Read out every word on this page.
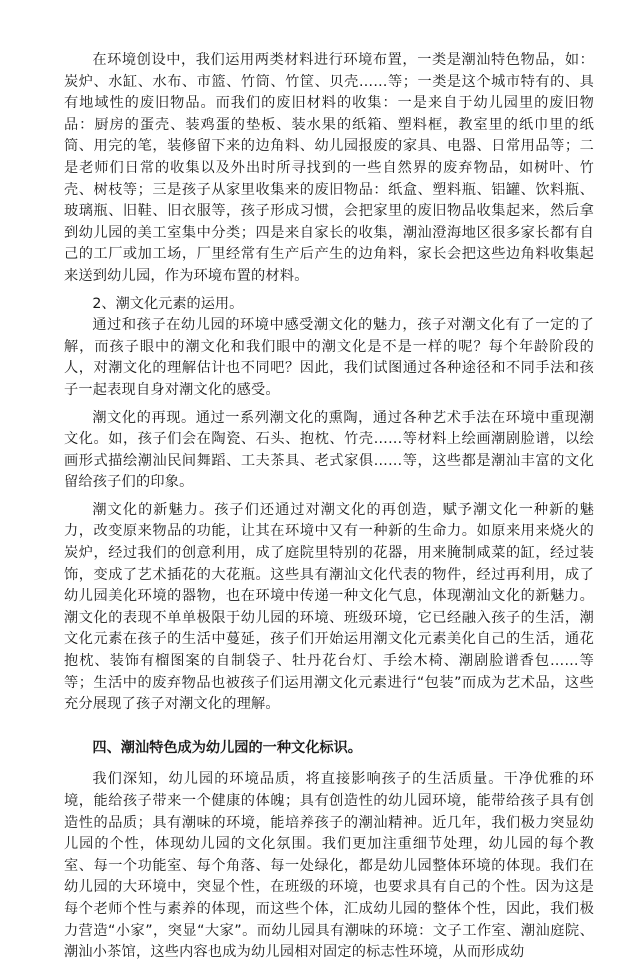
在环境创设中，我们运用两类材料进行环境布置，一类是潮汕特色物品，如：炭炉、水缸、水布、市篮、竹筒、竹筐、贝壳……等；一类是这个城市特有的、具有地域性的废旧物品。而我们的废旧材料的收集：一是来自于幼儿园里的废旧物品：厨房的蛋壳、装鸡蛋的垫板、装水果的纸箱、塑料框，教室里的纸巾里的纸筒、用完的笔，装修留下来的边角料、幼儿园报废的家具、电器、日常用品等；二是老师们日常的收集以及外出时所寻找到的一些自然界的废弃物品，如树叶、竹壳、树枝等；三是孩子从家里收集来的废旧物品：纸盒、塑料瓶、铝罐、饮料瓶、玻璃瓶、旧鞋、旧衣服等，孩子形成习惯，会把家里的废旧物品收集起来，然后拿到幼儿园的美工室集中分类；四是来自家长的收集，潮汕澄海地区很多家长都有自己的工厂或加工场，厂里经常有生产后产生的边角料，家长会把这些边角料收集起来送到幼儿园，作为环境布置的材料。

2、潮文化元素的运用。

通过和孩子在幼儿园的环境中感受潮文化的魅力，孩子对潮文化有了一定的了解，而孩子眼中的潮文化和我们眼中的潮文化是不是一样的呢？每个年龄阶段的人，对潮文化的理解估计也不同吧？因此，我们试图通过各种途径和不同手法和孩子一起表现自身对潮文化的感受。

潮文化的再现。通过一系列潮文化的熏陶，通过各种艺术手法在环境中重现潮文化。如，孩子们会在陶瓷、石头、抱枕、竹壳……等材料上绘画潮剧脸谱，以绘画形式描绘潮汕民间舞蹈、工夫茶具、老式家俱……等，这些都是潮汕丰富的文化留给孩子们的印象。

潮文化的新魅力。孩子们还通过对潮文化的再创造，赋予潮文化一种新的魅力，改变原来物品的功能，让其在环境中又有一种新的生命力。如原来用来烧火的炭炉，经过我们的创意利用，成了庭院里特别的花器，用来腌制咸菜的缸，经过装饰，变成了艺术插花的大花瓶。这些具有潮汕文化代表的物件，经过再利用，成了幼儿园美化环境的器物，也在环境中传递一种文化气息，体现潮汕文化的新魅力。潮文化的表现不单单极限于幼儿园的环境、班级环境，它已经融入孩子的生活，潮文化元素在孩子的生活中蔓延，孩子们开始运用潮文化元素美化自己的生活，通花抱枕、装饰有榴图案的自制袋子、牡丹花台灯、手绘木椅、潮剧脸谱香包……等等；生活中的废弃物品也被孩子们运用潮文化元素进行“包装”而成为艺术品，这些充分展现了孩子对潮文化的理解。

四、潮汕特色成为幼儿园的一种文化标识。

我们深知，幼儿园的环境品质，将直接影响孩子的生活质量。干净优雅的环境，能给孩子带来一个健康的体魄；具有创造性的幼儿园环境，能带给孩子具有创造性的品质；具有潮味的环境，能培养孩子的潮汕精神。近几年，我们极力突显幼儿园的个性，体现幼儿园的文化氛围。我们更加注重细节处理，幼儿园的每个教室、每一个功能室、每个角落、每一处绿化，都是幼儿园整体环境的体现。我们在幼儿园的大环境中，突显个性，在班级的环境，也要求具有自己的个性。因为这是每个老师个性与素养的体现，而这些个体，汇成幼儿园的整体个性，因此，我们极力营造“小家”，突显“大家”。而幼儿园具有潮味的环境：文子工作室、潮汕庭院、潮汕小茶馆，这些内容也成为幼儿园相对固定的标志性环境，从而形成幼
